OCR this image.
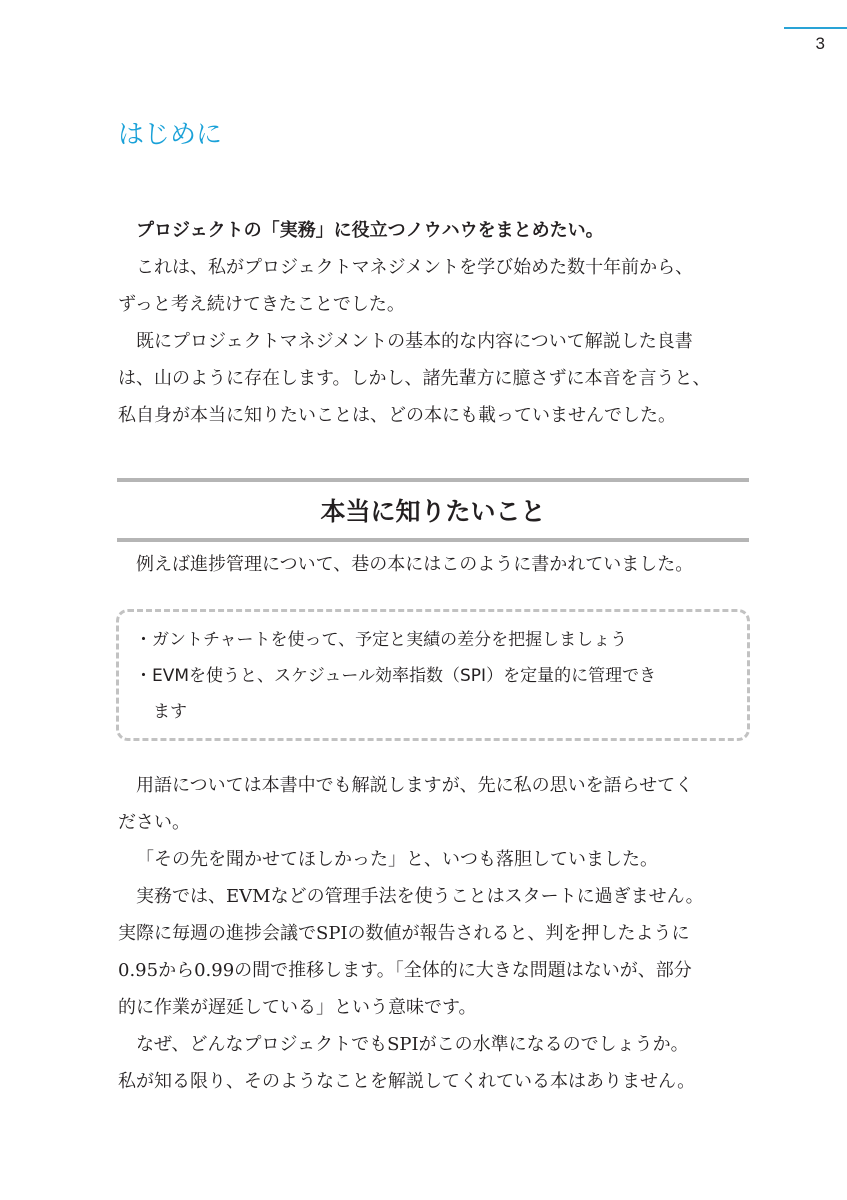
3
はじめに

プロジェクトの「実務」に役立つノウハウをまとめたい。

これは、私がプロジェクトマネジメントを学び始めた数十年前から、
ずっと考え続けてきたことでした。

既にプロジェクトマネジメントの基本的な内容について解説した良書
は、山のように存在します。しかし、諸先輩方に臆さずに本音を言うと、
私自身が本当に知りたいことは、どの本にも載っていませんでした。

本当に知りたいこと

例えば進捗管理について、巷の本にはこのように書かれていました。

・ガントチャートを使って、予定と実績の差分を把握しましょう
・EVMを使うと、スケジュール効率指数（SPI）を定量的に管理でき
ます

用語については本書中でも解説しますが、先に私の思いを語らせてく
ださい。

「その先を聞かせてほしかった」と、いつも落胆していました。

実務では、EVMなどの管理手法を使うことはスタートに過ぎません。
実際に毎週の進捗会議でSPIの数値が報告されると、判を押したように
0.95から0.99の間で推移します。「全体的に大きな問題はないが、部分
的に作業が遅延している」という意味です。

なぜ、どんなプロジェクトでもSPIがこの水準になるのでしょうか。
私が知る限り、そのようなことを解説してくれている本はありません。
